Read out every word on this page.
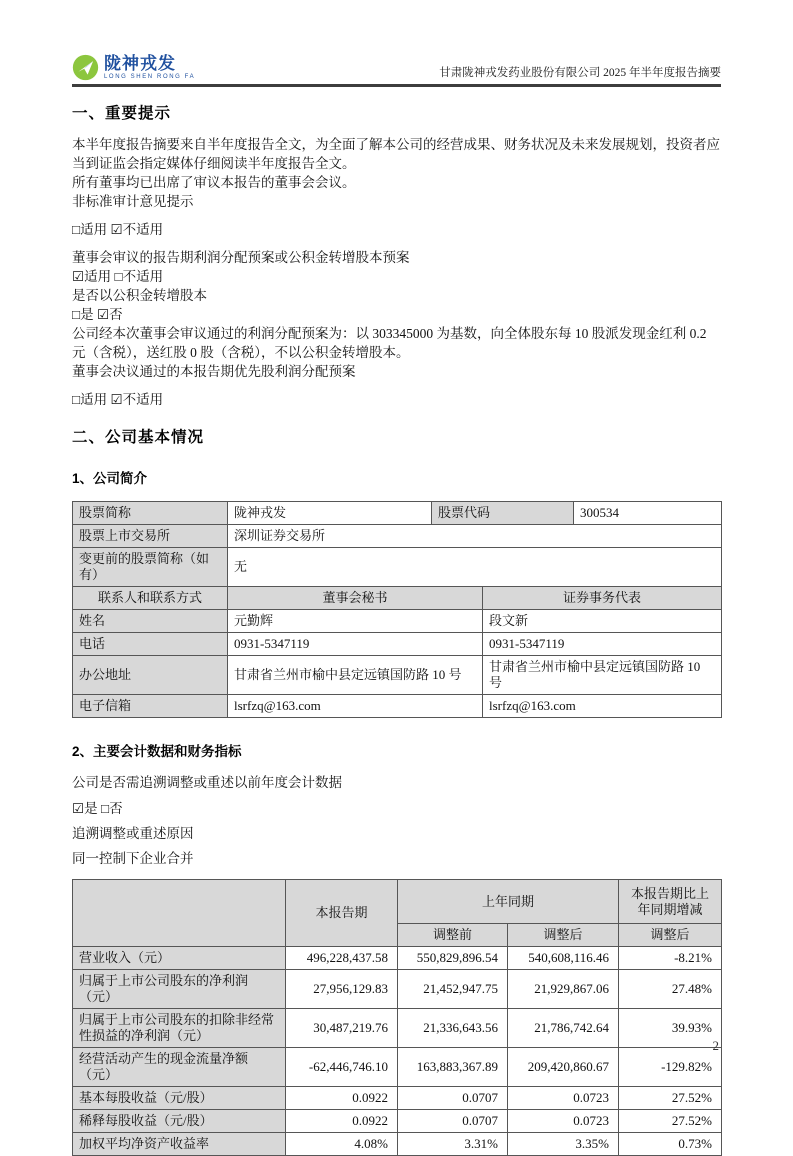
陇神戎发
LONG SHEN RONG FA	甘肃陇神戎发药业股份有限公司 2025 年半年度报告摘要
一、重要提示
本半年度报告摘要来自半年度报告全文，为全面了解本公司的经营成果、财务状况及未来发展规划，投资者应当到证监会指定媒体仔细阅读半年度报告全文。
所有董事均已出席了审议本报告的董事会会议。
非标准审计意见提示
□适用 ☑不适用
董事会审议的报告期利润分配预案或公积金转增股本预案
☑适用 □不适用
是否以公积金转增股本
□是 ☑否
公司经本次董事会审议通过的利润分配预案为：以 303345000 为基数，向全体股东每 10 股派发现金红利 0.2 元（含税），送红股 0 股（含税），不以公积金转增股本。
董事会决议通过的本报告期优先股利润分配预案
□适用 ☑不适用
二、公司基本情况
1、公司简介
股票简称	陇神戎发	股票代码		300534
股票上市交易所	深圳证券交易所			
变更前的股票简称（如有）	无			
联系人和联系方式	董事会秘书		证券事务代表	
姓名	元勤辉		段文新	
电话	0931-5347119		0931-5347119	
办公地址	甘肃省兰州市榆中县定远镇国防路 10 号		甘肃省兰州市榆中县定远镇国防路 10 号	
电子信箱	lsrfzq@163.com		lsrfzq@163.com	
2、主要会计数据和财务指标
公司是否需追溯调整或重述以前年度会计数据
☑是 □否
追溯调整或重述原因
同一控制下企业合并
	本报告期	上年同期		本报告期比上年同期增减
		调整前	调整后	调整后
营业收入（元）	496,228,437.58	550,829,896.54	540,608,116.46	-8.21%
归属于上市公司股东的净利润（元）	27,956,129.83	21,452,947.75	21,929,867.06	27.48%
归属于上市公司股东的扣除非经常性损益的净利润（元）	30,487,219.76	21,336,643.56	21,786,742.64	39.93%
经营活动产生的现金流量净额（元）	-62,446,746.10	163,883,367.89	209,420,860.67	-129.82%
基本每股收益（元/股）	0.0922	0.0707	0.0723	27.52%
稀释每股收益（元/股）	0.0922	0.0707	0.0723	27.52%
加权平均净资产收益率	4.08%	3.31%	3.35%	0.73%
2
